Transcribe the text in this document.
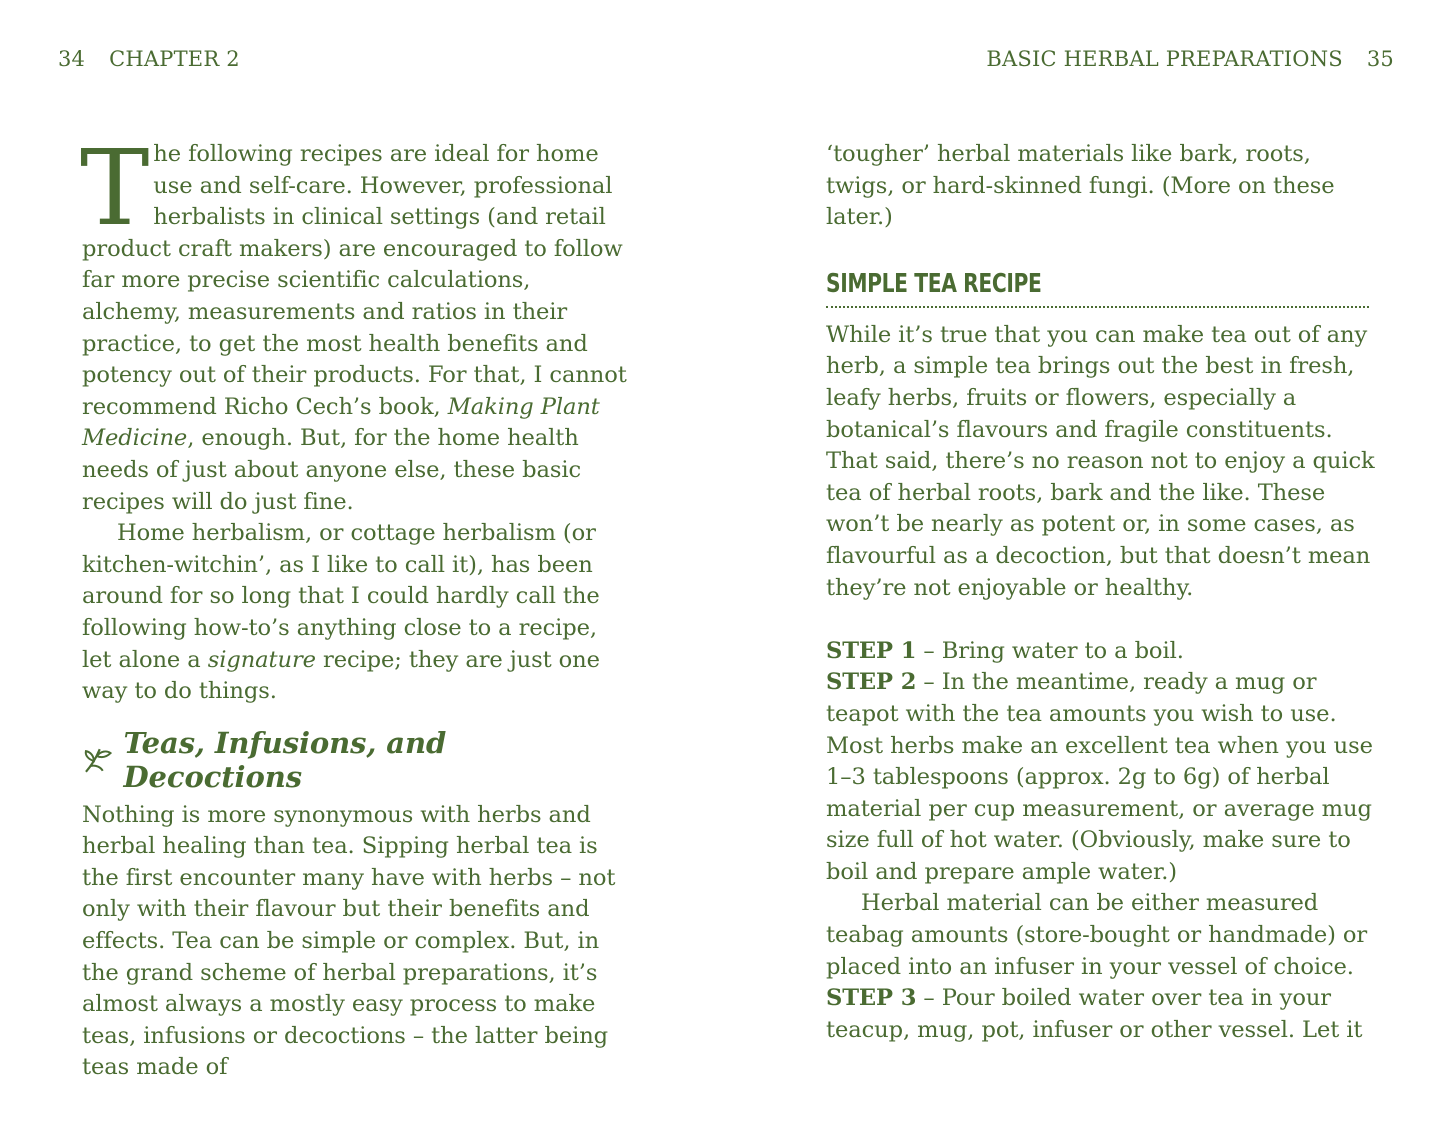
34 CHAPTER 2	BASIC HERBAL PREPARATIONS 35

The following recipes are ideal for home use and self-care. However, professional herbalists in clinical settings (and retail product craft makers) are encouraged to follow far more precise scientific calculations, alchemy, measurements and ratios in their practice, to get the most health benefits and potency out of their products. For that, I cannot recommend Richo Cech’s book, Making Plant Medicine, enough. But, for the home health needs of just about anyone else, these basic recipes will do just fine.

Home herbalism, or cottage herbalism (or kitchen-witchin’, as I like to call it), has been around for so long that I could hardly call the following how-to’s anything close to a recipe, let alone a signature recipe; they are just one way to do things.

Teas, Infusions, and Decoctions

Nothing is more synonymous with herbs and herbal healing than tea. Sipping herbal tea is the first encounter many have with herbs – not only with their flavour but their benefits and effects. Tea can be simple or complex. But, in the grand scheme of herbal preparations, it’s almost always a mostly easy process to make teas, infusions or decoctions – the latter being teas made of

‘tougher’ herbal materials like bark, roots, twigs, or hard-skinned fungi. (More on these later.)

SIMPLE TEA RECIPE

While it’s true that you can make tea out of any herb, a simple tea brings out the best in fresh, leafy herbs, fruits or flowers, especially a botanical’s flavours and fragile constituents. That said, there’s no reason not to enjoy a quick tea of herbal roots, bark and the like. These won’t be nearly as potent or, in some cases, as flavourful as a decoction, but that doesn’t mean they’re not enjoyable or healthy.

STEP 1 – Bring water to a boil.

STEP 2 – In the meantime, ready a mug or teapot with the tea amounts you wish to use. Most herbs make an excellent tea when you use 1–3 tablespoons (approx. 2g to 6g) of herbal material per cup measurement, or average mug size full of hot water. (Obviously, make sure to boil and prepare ample water.)

Herbal material can be either measured teabag amounts (store-bought or handmade) or placed into an infuser in your vessel of choice.

STEP 3 – Pour boiled water over tea in your teacup, mug, pot, infuser or other vessel. Let it
